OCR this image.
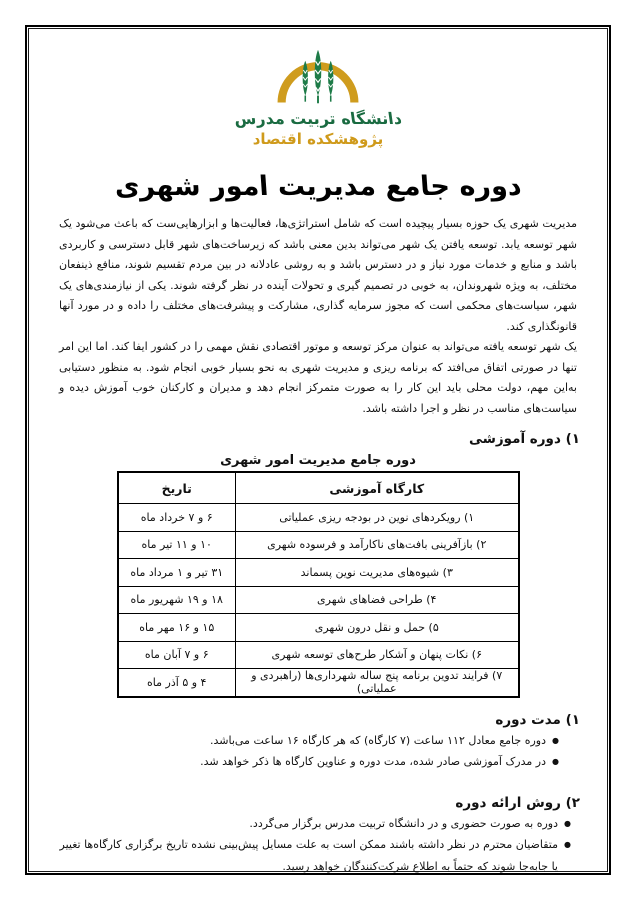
دانشگاه تربیت مدرس
پژوهشکده اقتصاد
دوره جامع مدیریت امور شهری

مدیریت شهری یک حوزه بسیار پیچیده است که شامل استراتژی‌ها، فعالیت‌ها و ابزارهایی‌ست که باعث می‌شود یک شهر توسعه یابد. توسعه یافتن یک شهر می‌تواند بدین معنی باشد که زیرساخت‌های شهر قابل دسترسی و کاربردی باشد و منابع و خدمات مورد نیاز و در دسترس باشد و به روشی عادلانه در بین مردم تقسیم شوند، منافع ذینفعان مختلف، به ویژه شهروندان، به خوبی در تصمیم گیری و تحولات آینده در نظر گرفته شوند. یکی از نیازمندی‌های یک شهر، سیاست‌های محکمی است که مجوز سرمایه گذاری، مشارکت و پیشرفت‌های مختلف را داده و در مورد آنها قانونگذاری کند.

یک شهر توسعه یافته می‌تواند به عنوان مرکز توسعه و موتور اقتصادی نقش مهمی را در کشور ایفا کند. اما این امر تنها در صورتی اتفاق می‌افتد که برنامه ریزی و مدیریت شهری به نحو بسیار خوبی انجام شود. به منظور دستیابی به‌این مهم، دولت محلی باید این کار را به صورت متمرکز انجام دهد و مدیران و کارکنان خوب آموزش دیده و سیاست‌های مناسب در نظر و اجرا داشته باشد.

۱) دوره آموزشی
دوره جامع مدیریت امور شهری
کارگاه آموزشی	تاریخ
۱) رویکردهای نوین در بودجه ریزی عملیاتی	۶ و ۷ خرداد ماه
۲) بازآفرینی بافت‌های ناکارآمد و فرسوده شهری	۱۰ و ۱۱ تیر ماه
۳) شیوه‌های مدیریت نوین پسماند	۳۱ تیر و ۱ مرداد ماه
۴) طراحی فضاهای شهری	۱۸ و ۱۹ شهریور ماه
۵) حمل و نقل درون شهری	۱۵ و ۱۶ مهر ماه
۶) نکات پنهان و آشکار طرح‌های توسعه شهری	۶ و ۷ آبان ماه
۷) فرایند تدوین برنامه پنج ساله شهرداری‌ها (راهبردی و عملیاتی)	۴ و ۵ آذر ماه
۱) مدت دوره
●
دوره جامع معادل ۱۱۲ ساعت (۷ کارگاه) که هر کارگاه ۱۶ ساعت می‌باشد.
●
در مدرک آموزشی صادر شده، مدت دوره و عناوین کارگاه ها ذکر خواهد شد.
۲) روش ارائه دوره
●
دوره به صورت حضوری و در دانشگاه تربیت مدرس برگزار می‌گردد.
●
متقاضیان محترم در نظر داشته باشند ممکن است به علت مسایل پیش‌بینی نشده تاریخ برگزاری کارگاه‌ها تغییر یا جابه‌جا شوند که حتماً به اطلاع شرکت‌کنندگان خواهد رسید.
